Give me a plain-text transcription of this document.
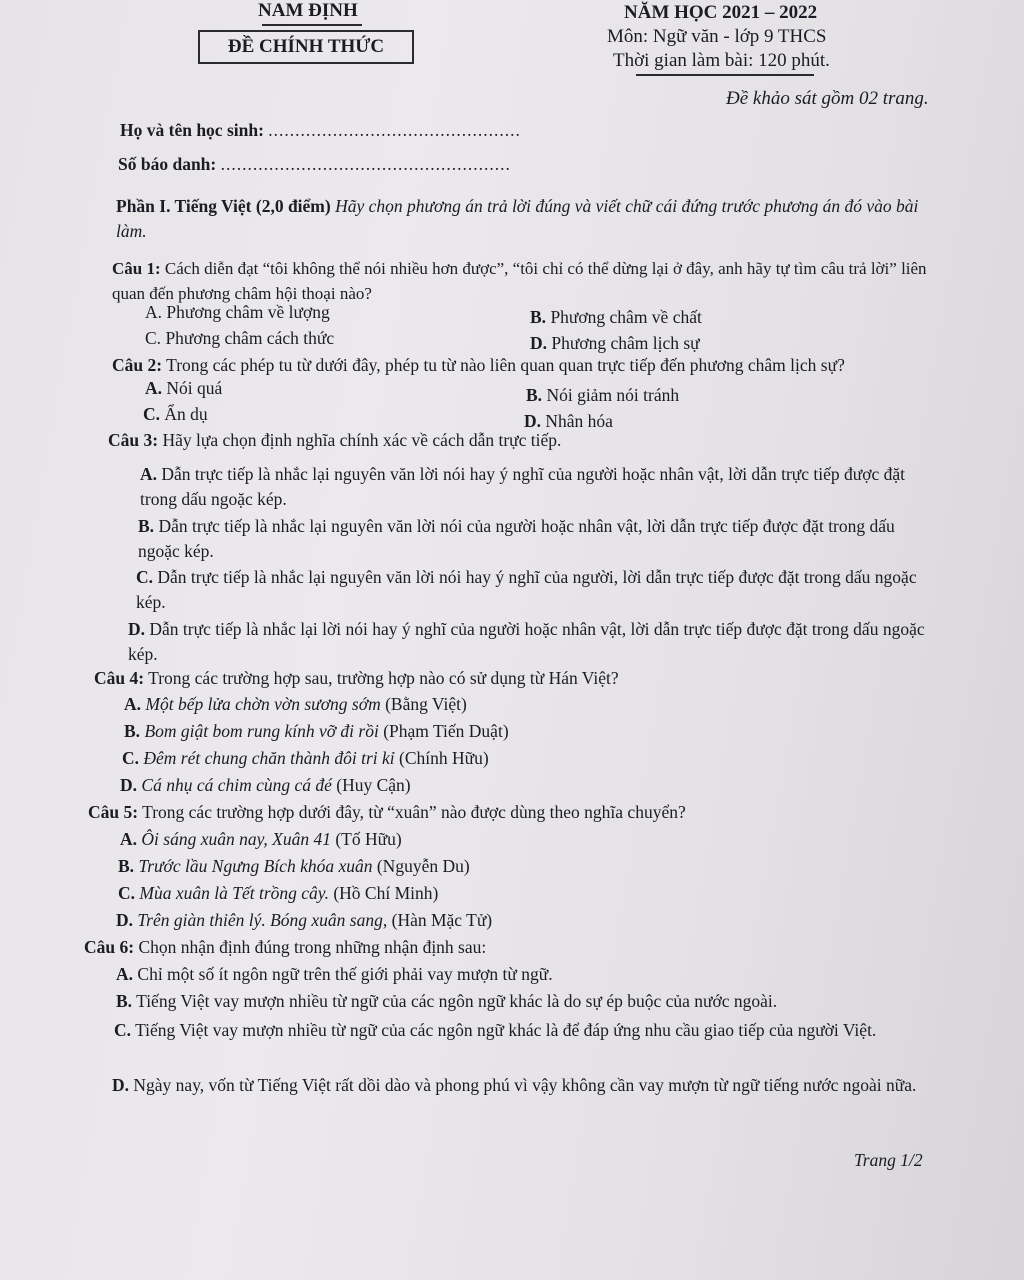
NAM ĐỊNH
ĐỀ CHÍNH THỨC
NĂM HỌC 2021 – 2022
Môn: Ngữ văn - lớp 9 THCS
Thời gian làm bài: 120 phút.
Đề khảo sát gồm 02 trang.
Họ và tên học sinh: ...............................................
Số báo danh: ......................................................
Phần I. Tiếng Việt (2,0 điểm) Hãy chọn phương án trả lời đúng và viết chữ cái đứng trước phương án đó vào bài làm.
Câu 1: Cách diễn đạt “tôi không thể nói nhiều hơn được”, “tôi chỉ có thể dừng lại ở đây, anh hãy tự tìm câu trả lời” liên quan đến phương châm hội thoại nào?
A. Phương châm về lượng	B. Phương châm về chất
C. Phương châm cách thức	D. Phương châm lịch sự
Câu 2: Trong các phép tu từ dưới đây, phép tu từ nào liên quan quan trực tiếp đến phương châm lịch sự?
A. Nói quá	B. Nói giảm nói tránh
C. Ẩn dụ	D. Nhân hóa
Câu 3: Hãy lựa chọn định nghĩa chính xác về cách dẫn trực tiếp.
A. Dẫn trực tiếp là nhắc lại nguyên văn lời nói hay ý nghĩ của người hoặc nhân vật, lời dẫn trực tiếp được đặt trong dấu ngoặc kép.
B. Dẫn trực tiếp là nhắc lại nguyên văn lời nói của người hoặc nhân vật, lời dẫn trực tiếp được đặt trong dấu ngoặc kép.
C. Dẫn trực tiếp là nhắc lại nguyên văn lời nói hay ý nghĩ của người, lời dẫn trực tiếp được đặt trong dấu ngoặc kép.
D. Dẫn trực tiếp là nhắc lại lời nói hay ý nghĩ của người hoặc nhân vật, lời dẫn trực tiếp được đặt trong dấu ngoặc kép.
Câu 4: Trong các trường hợp sau, trường hợp nào có sử dụng từ Hán Việt?
A. Một bếp lửa chờn vờn sương sớm (Bằng Việt)
B. Bom giật bom rung kính vỡ đi rồi (Phạm Tiến Duật)
C. Đêm rét chung chăn thành đôi tri kỉ (Chính Hữu)
D. Cá nhụ cá chim cùng cá đé (Huy Cận)
Câu 5: Trong các trường hợp dưới đây, từ “xuân” nào được dùng theo nghĩa chuyển?
A. Ôi sáng xuân nay, Xuân 41 (Tố Hữu)
B. Trước lầu Ngưng Bích khóa xuân (Nguyễn Du)
C. Mùa xuân là Tết trồng cây. (Hồ Chí Minh)
D. Trên giàn thiên lý. Bóng xuân sang, (Hàn Mặc Tử)
Câu 6: Chọn nhận định đúng trong những nhận định sau:
A. Chỉ một số ít ngôn ngữ trên thế giới phải vay mượn từ ngữ.
B. Tiếng Việt vay mượn nhiều từ ngữ của các ngôn ngữ khác là do sự ép buộc của nước ngoài.
C. Tiếng Việt vay mượn nhiều từ ngữ của các ngôn ngữ khác là để đáp ứng nhu cầu giao tiếp của người Việt.
D. Ngày nay, vốn từ Tiếng Việt rất dồi dào và phong phú vì vậy không cần vay mượn từ ngữ tiếng nước ngoài nữa.
Trang 1/2
